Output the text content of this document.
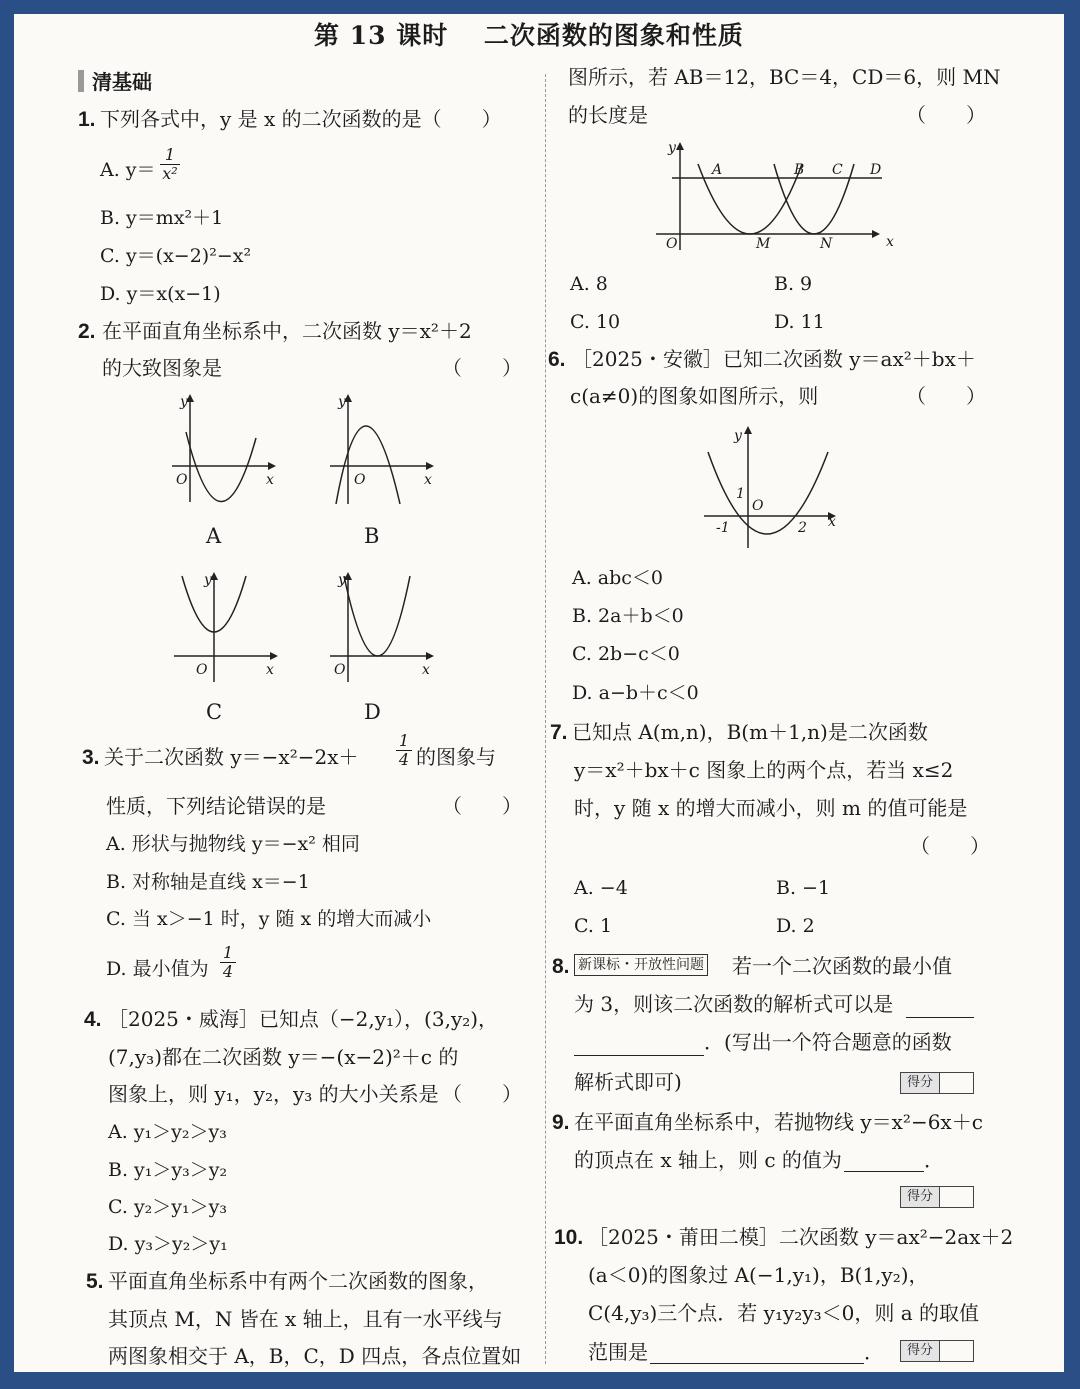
第 13 课时　 二次函数的图象和性质
清基础
1. 下列各式中，y 是 x 的二次函数的是（　　）
A. $y= \frac{1}{\text{x²}}$
B. y＝mx²＋1
C. y＝(x−2)²−x²
D. y＝x(x−1)
2. 在平面直角坐标系中，二次函数 y＝x²＋2
的大致图象是	（　　）
y
x
O
A
y
x
O
B
y
x
O
C
y
x
O
D
3. 关于二次函数 $y=-x^2-2x+ \frac{1}{4}$ 的图象与
性质，下列结论错误的是	（　　）
A. 形状与抛物线 y＝−x² 相同
B. 对称轴是直线 x＝−1
C. 当 x＞−1 时，y 随 x 的增大而减小
D. 最小值为 $\frac{1}{4}$
4. ［2025・威海］已知点（−2,y₁），(3,y₂)，
(7,y₃)都在二次函数 y＝−(x−2)²＋c 的
图象上，则 y₁，y₂，y₃ 的大小关系是 （　　）
A. y₁＞y₂＞y₃
B. y₁＞y₃＞y₂
C. y₂＞y₁＞y₃
D. y₃＞y₂＞y₁
5. 平面直角坐标系中有两个二次函数的图象，
其顶点 M，N 皆在 x 轴上，且有一水平线与
两图象相交于 A，B，C，D 四点，各点位置如
图所示，若 AB＝12，BC＝4，CD＝6，则 MN
的长度是	（　　）
y
x
O
A	B C D
M	N
A. 8	B. 9
C. 10	D. 11
6. ［2025・安徽］已知二次函数 y＝ax²＋bx＋
c(a≠0)的图象如图所示，则	（　　）
y
x
O
1
-1	2
A. abc＜0
B. 2a＋b＜0
C. 2b−c＜0
D. a−b＋c＜0
7. 已知点 A(m,n)，B(m＋1,n)是二次函数
y＝x²＋bx＋c 图象上的两个点，若当 x≤2
时，y 随 x 的增大而减小，则 m 的值可能是
（　　）
A. −4	B. −1
C. 1	D. 2
8. 新课标・开放性问题 若一个二次函数的最小值
为 3，则该二次函数的解析式可以是
．(写出一个符合题意的函数
解析式即可)	得分
9. 在平面直角坐标系中，若抛物线 y＝x²−6x＋c
的顶点在 x 轴上，则 c 的值为	．
得分
10. ［2025・莆田二模］二次函数 y＝ax²−2ax＋2
(a＜0)的图象过 A(−1,y₁)，B(1,y₂)，
C(4,y₃)三个点．若 y₁y₂y₃＜0，则 a 的取值
范围是	．	得分
